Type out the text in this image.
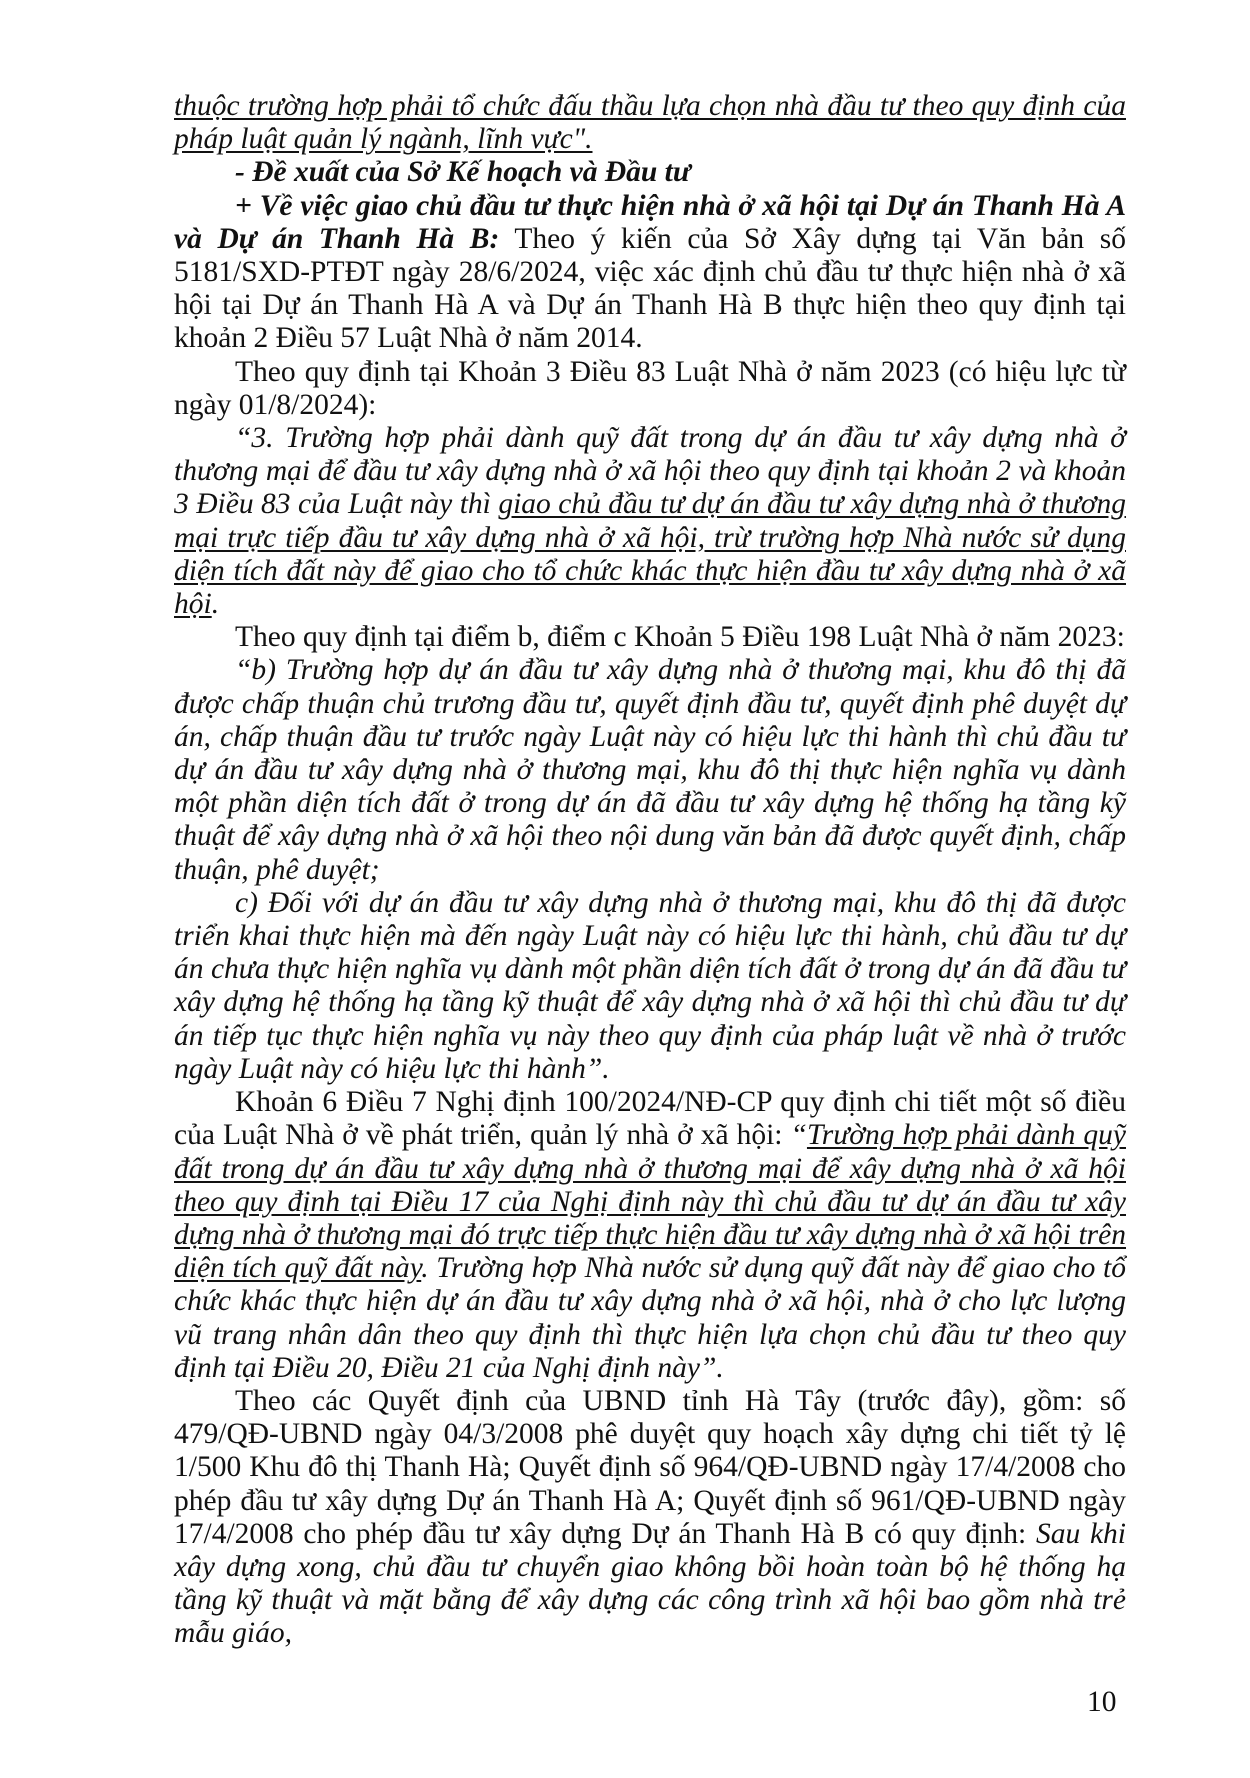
thuộc trường hợp phải tổ chức đấu thầu lựa chọn nhà đầu tư theo quy định của pháp luật quản lý ngành, lĩnh vực".

- Đề xuất của Sở Kế hoạch và Đầu tư

+ Về việc giao chủ đầu tư thực hiện nhà ở xã hội tại Dự án Thanh Hà A và Dự án Thanh Hà B: Theo ý kiến của Sở Xây dựng tại Văn bản số 5181/SXD-PTĐT ngày 28/6/2024, việc xác định chủ đầu tư thực hiện nhà ở xã hội tại Dự án Thanh Hà A và Dự án Thanh Hà B thực hiện theo quy định tại khoản 2 Điều 57 Luật Nhà ở năm 2014.

Theo quy định tại Khoản 3 Điều 83 Luật Nhà ở năm 2023 (có hiệu lực từ ngày 01/8/2024):

“3. Trường hợp phải dành quỹ đất trong dự án đầu tư xây dựng nhà ở thương mại để đầu tư xây dựng nhà ở xã hội theo quy định tại khoản 2 và khoản 3 Điều 83 của Luật này thì giao chủ đầu tư dự án đầu tư xây dựng nhà ở thương mại trực tiếp đầu tư xây dựng nhà ở xã hội, trừ trường hợp Nhà nước sử dụng diện tích đất này để giao cho tổ chức khác thực hiện đầu tư xây dựng nhà ở xã hội.

Theo quy định tại điểm b, điểm c Khoản 5 Điều 198 Luật Nhà ở năm 2023:

“b) Trường hợp dự án đầu tư xây dựng nhà ở thương mại, khu đô thị đã được chấp thuận chủ trương đầu tư, quyết định đầu tư, quyết định phê duyệt dự án, chấp thuận đầu tư trước ngày Luật này có hiệu lực thi hành thì chủ đầu tư dự án đầu tư xây dựng nhà ở thương mại, khu đô thị thực hiện nghĩa vụ dành một phần diện tích đất ở trong dự án đã đầu tư xây dựng hệ thống hạ tầng kỹ thuật để xây dựng nhà ở xã hội theo nội dung văn bản đã được quyết định, chấp thuận, phê duyệt;

c) Đối với dự án đầu tư xây dựng nhà ở thương mại, khu đô thị đã được triển khai thực hiện mà đến ngày Luật này có hiệu lực thi hành, chủ đầu tư dự án chưa thực hiện nghĩa vụ dành một phần diện tích đất ở trong dự án đã đầu tư xây dựng hệ thống hạ tầng kỹ thuật để xây dựng nhà ở xã hội thì chủ đầu tư dự án tiếp tục thực hiện nghĩa vụ này theo quy định của pháp luật về nhà ở trước ngày Luật này có hiệu lực thi hành”.

Khoản 6 Điều 7 Nghị định 100/2024/NĐ-CP quy định chi tiết một số điều của Luật Nhà ở về phát triển, quản lý nhà ở xã hội: “Trường hợp phải dành quỹ đất trong dự án đầu tư xây dựng nhà ở thương mại để xây dựng nhà ở xã hội theo quy định tại Điều 17 của Nghị định này thì chủ đầu tư dự án đầu tư xây dựng nhà ở thương mại đó trực tiếp thực hiện đầu tư xây dựng nhà ở xã hội trên diện tích quỹ đất này. Trường hợp Nhà nước sử dụng quỹ đất này để giao cho tổ chức khác thực hiện dự án đầu tư xây dựng nhà ở xã hội, nhà ở cho lực lượng vũ trang nhân dân theo quy định thì thực hiện lựa chọn chủ đầu tư theo quy định tại Điều 20, Điều 21 của Nghị định này”.

Theo các Quyết định của UBND tỉnh Hà Tây (trước đây), gồm: số 479/QĐ-UBND ngày 04/3/2008 phê duyệt quy hoạch xây dựng chi tiết tỷ lệ 1/500 Khu đô thị Thanh Hà; Quyết định số 964/QĐ-UBND ngày 17/4/2008 cho phép đầu tư xây dựng Dự án Thanh Hà A; Quyết định số 961/QĐ-UBND ngày 17/4/2008 cho phép đầu tư xây dựng Dự án Thanh Hà B có quy định: Sau khi xây dựng xong, chủ đầu tư chuyển giao không bồi hoàn toàn bộ hệ thống hạ tầng kỹ thuật và mặt bằng để xây dựng các công trình xã hội bao gồm nhà trẻ mẫu giáo,

10
